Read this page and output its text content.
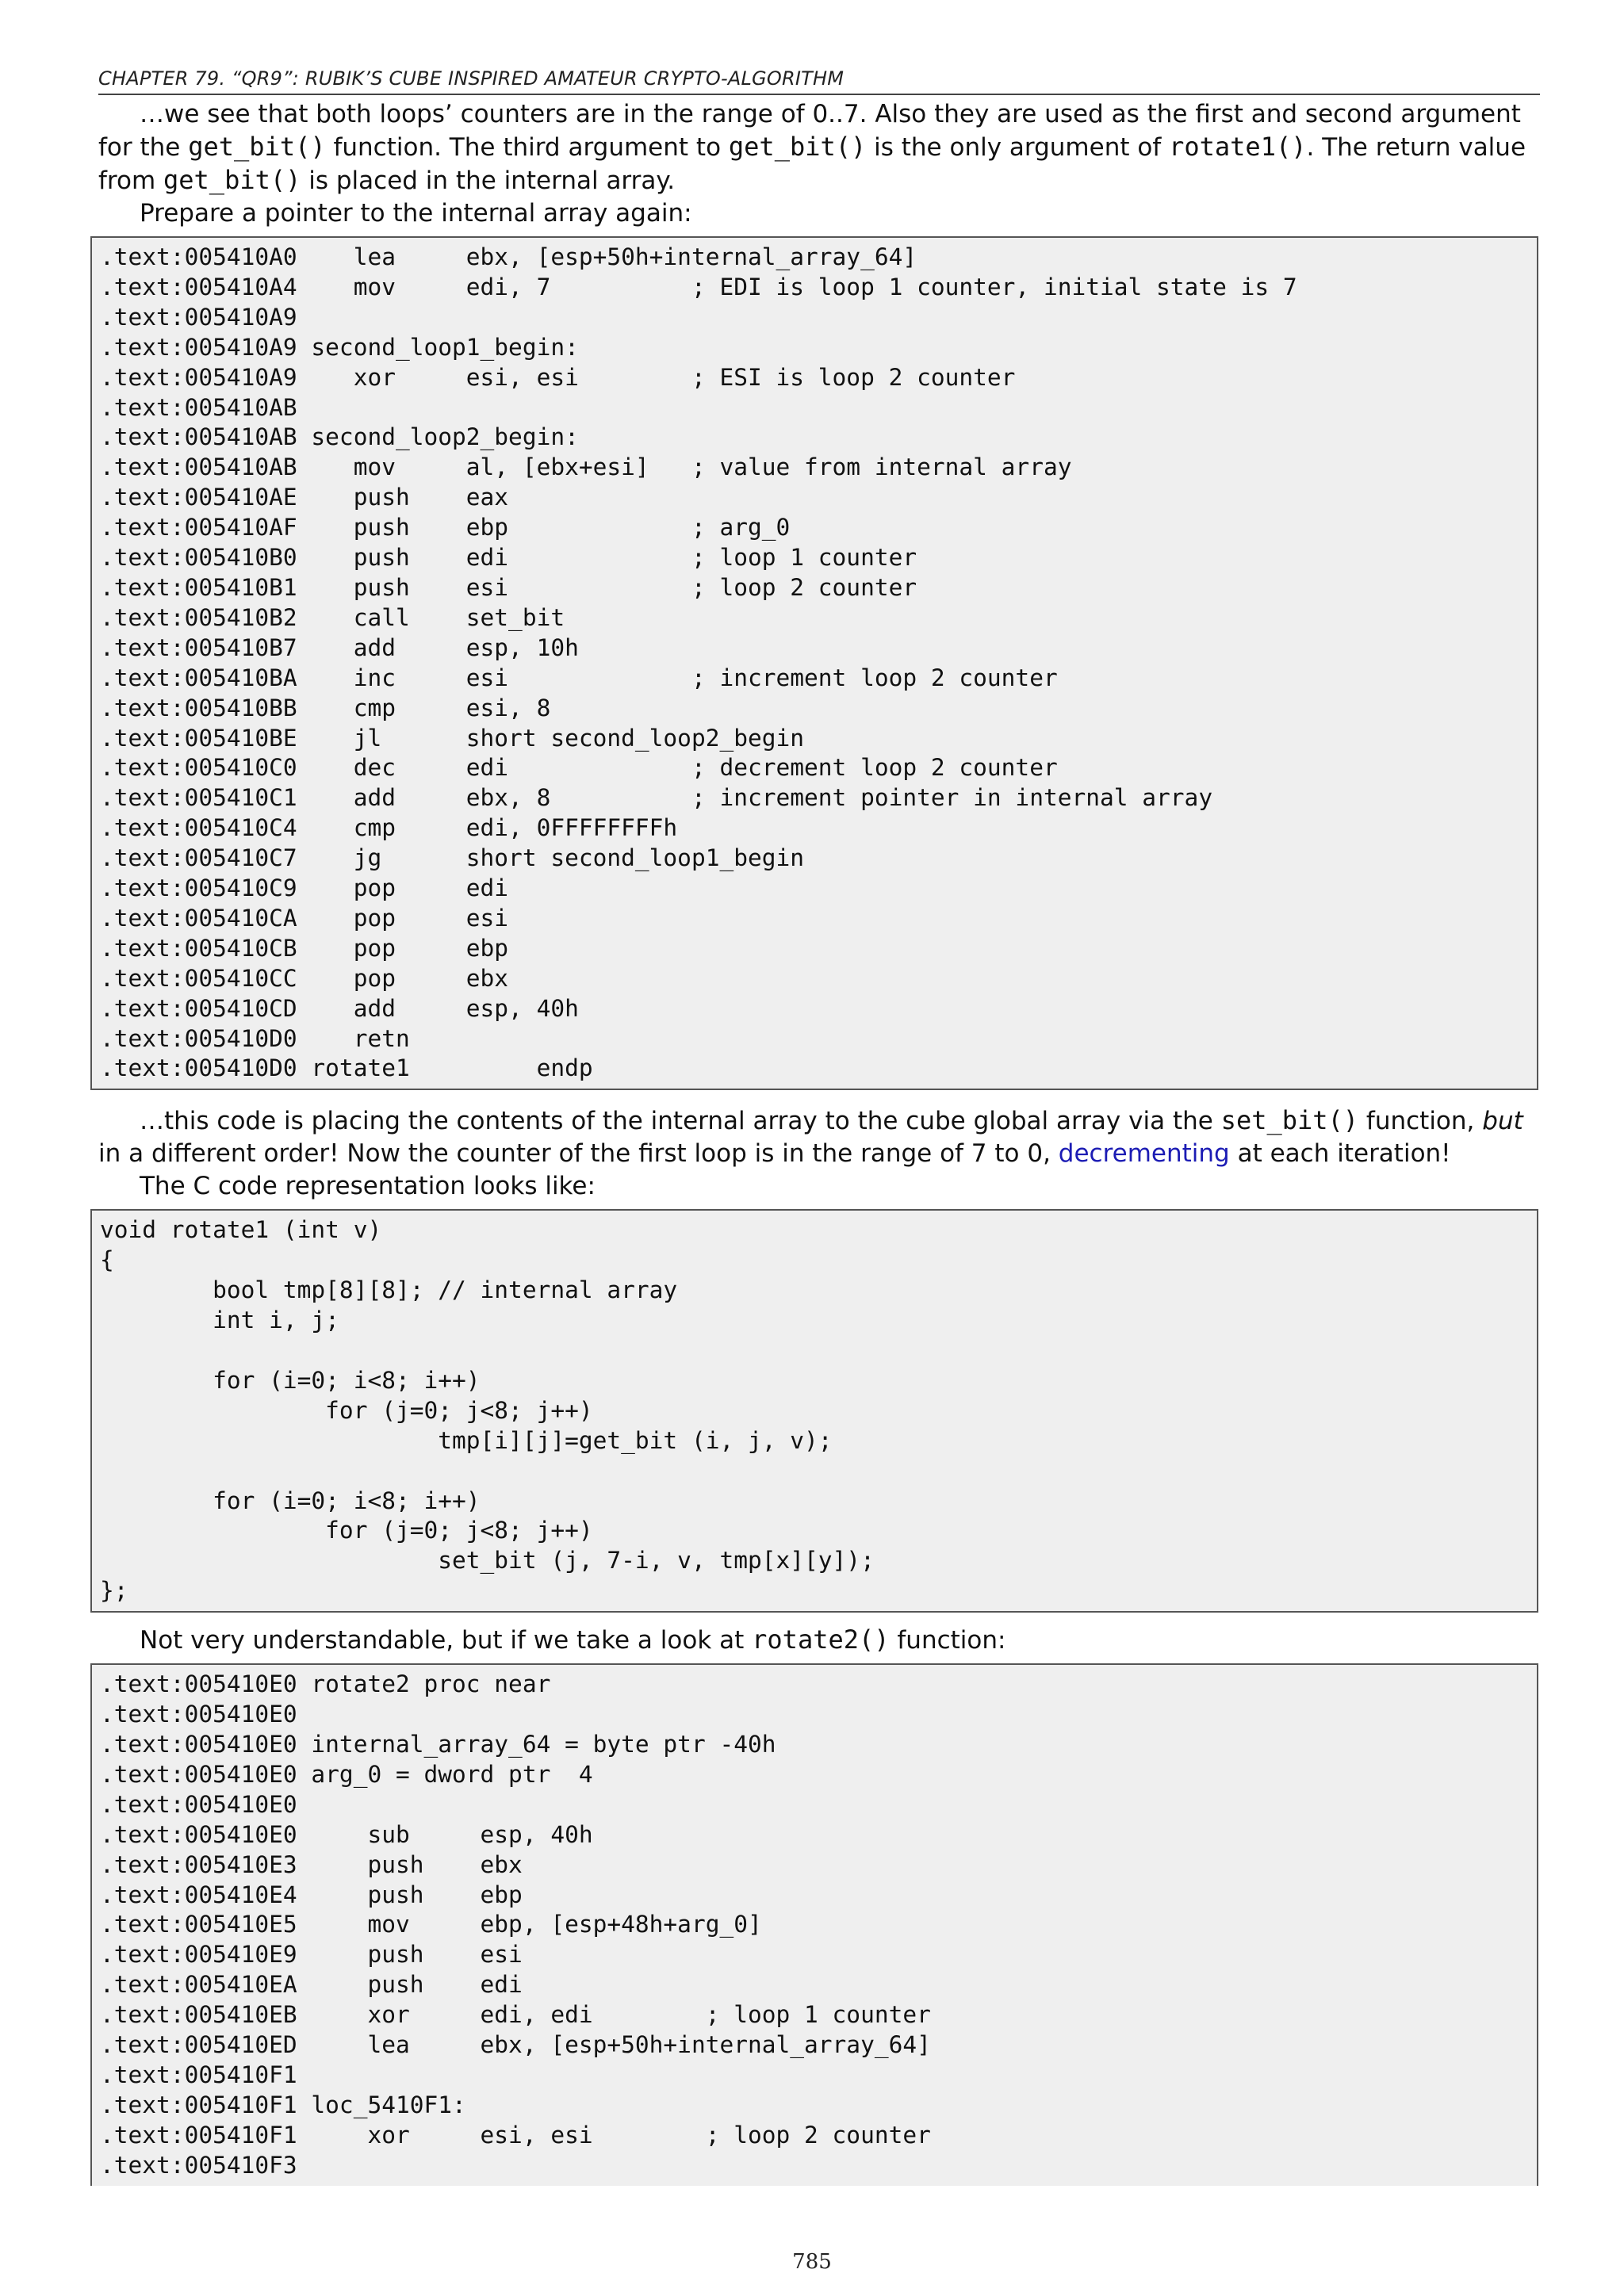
CHAPTER 79. “QR9”: RUBIK’S CUBE INSPIRED AMATEUR CRYPTO-ALGORITHM

…we see that both loops’ counters are in the range of 0..7. Also they are used as the first and second argument for the get_bit() function. The third argument to get_bit() is the only argument of rotate1(). The return value from get_bit() is placed in the internal array.

Prepare a pointer to the internal array again:

.text:005410A0    lea     ebx, [esp+50h+internal_array_64]
.text:005410A4    mov     edi, 7          ; EDI is loop 1 counter, initial state is 7
.text:005410A9
.text:005410A9 second_loop1_begin:
.text:005410A9    xor     esi, esi        ; ESI is loop 2 counter
.text:005410AB
.text:005410AB second_loop2_begin:
.text:005410AB    mov     al, [ebx+esi]   ; value from internal array
.text:005410AE    push    eax
.text:005410AF    push    ebp             ; arg_0
.text:005410B0    push    edi             ; loop 1 counter
.text:005410B1    push    esi             ; loop 2 counter
.text:005410B2    call    set_bit
.text:005410B7    add     esp, 10h
.text:005410BA    inc     esi             ; increment loop 2 counter
.text:005410BB    cmp     esi, 8
.text:005410BE    jl      short second_loop2_begin
.text:005410C0    dec     edi             ; decrement loop 2 counter
.text:005410C1    add     ebx, 8          ; increment pointer in internal array
.text:005410C4    cmp     edi, 0FFFFFFFFh
.text:005410C7    jg      short second_loop1_begin
.text:005410C9    pop     edi
.text:005410CA    pop     esi
.text:005410CB    pop     ebp
.text:005410CC    pop     ebx
.text:005410CD    add     esp, 40h
.text:005410D0    retn
.text:005410D0 rotate1         endp

…this code is placing the contents of the internal array to the cube global array via the set_bit() function, but in a different order! Now the counter of the first loop is in the range of 7 to 0, decrementing at each iteration!

The C code representation looks like:

void rotate1 (int v)
{
bool tmp[8][8]; // internal array
int i, j;

for (i=0; i<8; i++)
for (j=0; j<8; j++)
tmp[i][j]=get_bit (i, j, v);

for (i=0; i<8; i++)
for (j=0; j<8; j++)
set_bit (j, 7-i, v, tmp[x][y]);
};

Not very understandable, but if we take a look at rotate2() function:

.text:005410E0 rotate2 proc near
.text:005410E0
.text:005410E0 internal_array_64 = byte ptr -40h
.text:005410E0 arg_0 = dword ptr  4
.text:005410E0
.text:005410E0     sub     esp, 40h
.text:005410E3     push    ebx
.text:005410E4     push    ebp
.text:005410E5     mov     ebp, [esp+48h+arg_0]
.text:005410E9     push    esi
.text:005410EA     push    edi
.text:005410EB     xor     edi, edi        ; loop 1 counter
.text:005410ED     lea     ebx, [esp+50h+internal_array_64]
.text:005410F1
.text:005410F1 loc_5410F1:
.text:005410F1     xor     esi, esi        ; loop 2 counter
.text:005410F3
785
